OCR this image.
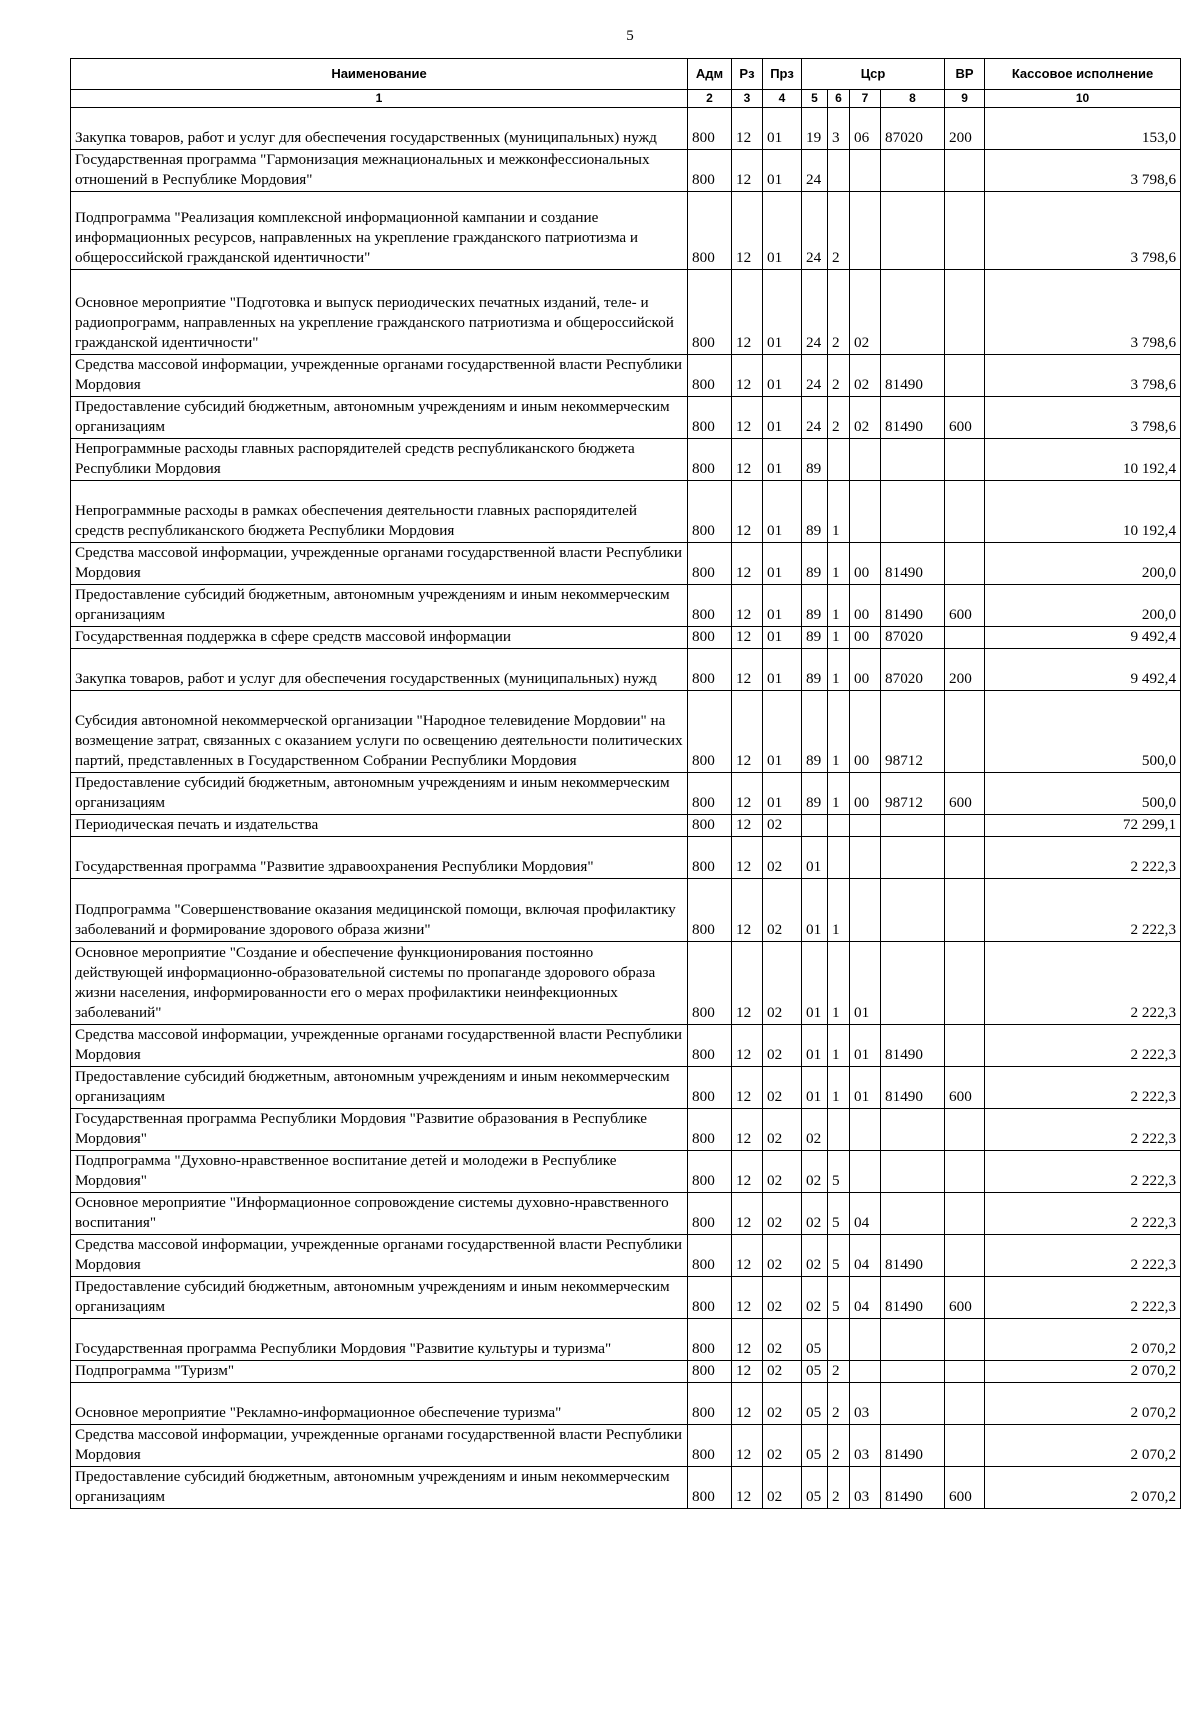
5
Наименование	Адм	Рз	Прз	Цср				ВР	Кассовое исполнение
1	2	3	4	5	6	7	8	9	10
Закупка товаров, работ и услуг для обеспечения государственных (муниципальных) нужд	800	12	01	19	3	06	87020	200	153,0
Государственная программа "Гармонизация межнациональных и межконфессиональных отношений в Республике Мордовия"	800	12	01	24					3 798,6
Подпрограмма "Реализация комплексной информационной кампании и создание информационных ресурсов, направленных на укрепление гражданского патриотизма и общероссийской гражданской идентичности"	800	12	01	24	2				3 798,6
Основное мероприятие "Подготовка и выпуск периодических печатных изданий, теле- и радиопрограмм, направленных на укрепление гражданского патриотизма и общероссийской гражданской идентичности"	800	12	01	24	2	02			3 798,6
Средства массовой информации, учрежденные органами государственной власти Республики Мордовия	800	12	01	24	2	02	81490		3 798,6
Предоставление субсидий бюджетным, автономным учреждениям и иным некоммерческим организациям	800	12	01	24	2	02	81490	600	3 798,6
Непрограммные расходы главных распорядителей средств республиканского бюджета Республики Мордовия	800	12	01	89					10 192,4
Непрограммные расходы в рамках обеспечения деятельности главных распорядителей средств республиканского бюджета Республики Мордовия	800	12	01	89	1				10 192,4
Средства массовой информации, учрежденные органами государственной власти Республики Мордовия	800	12	01	89	1	00	81490		200,0
Предоставление субсидий бюджетным, автономным учреждениям и иным некоммерческим организациям	800	12	01	89	1	00	81490	600	200,0
Государственная поддержка в сфере средств массовой информации	800	12	01	89	1	00	87020		9 492,4
Закупка товаров, работ и услуг для обеспечения государственных (муниципальных) нужд	800	12	01	89	1	00	87020	200	9 492,4
Субсидия автономной некоммерческой организации "Народное телевидение Мордовии" на возмещение затрат, связанных с оказанием услуги по освещению деятельности политических партий, представленных в Государственном Собрании Республики Мордовия	800	12	01	89	1	00	98712		500,0
Предоставление субсидий бюджетным, автономным учреждениям и иным некоммерческим организациям	800	12	01	89	1	00	98712	600	500,0
Периодическая печать и издательства	800	12	02						72 299,1
Государственная программа "Развитие здравоохранения Республики Мордовия"	800	12	02	01					2 222,3
Подпрограмма "Совершенствование оказания медицинской помощи, включая профилактику заболеваний и формирование здорового образа жизни"	800	12	02	01	1				2 222,3
Основное мероприятие "Создание и обеспечение функционирования постоянно действующей информационно-образовательной системы по пропаганде здорового образа жизни населения, информированности его о мерах профилактики неинфекционных заболеваний"	800	12	02	01	1	01			2 222,3
Средства массовой информации, учрежденные органами государственной власти Республики Мордовия	800	12	02	01	1	01	81490		2 222,3
Предоставление субсидий бюджетным, автономным учреждениям и иным некоммерческим организациям	800	12	02	01	1	01	81490	600	2 222,3
Государственная программа Республики Мордовия "Развитие образования в Республике Мордовия"	800	12	02	02					2 222,3
Подпрограмма "Духовно-нравственное воспитание детей и молодежи в Республике Мордовия"	800	12	02	02	5				2 222,3
Основное мероприятие "Информационное сопровождение системы духовно-нравственного воспитания"	800	12	02	02	5	04			2 222,3
Средства массовой информации, учрежденные органами государственной власти Республики Мордовия	800	12	02	02	5	04	81490		2 222,3
Предоставление субсидий бюджетным, автономным учреждениям и иным некоммерческим организациям	800	12	02	02	5	04	81490	600	2 222,3
Государственная программа Республики Мордовия "Развитие культуры и туризма"	800	12	02	05					2 070,2
Подпрограмма "Туризм"	800	12	02	05	2				2 070,2
Основное мероприятие "Рекламно-информационное обеспечение туризма"	800	12	02	05	2	03			2 070,2
Средства массовой информации, учрежденные органами государственной власти Республики Мордовия	800	12	02	05	2	03	81490		2 070,2
Предоставление субсидий бюджетным, автономным учреждениям и иным некоммерческим организациям	800	12	02	05	2	03	81490	600	2 070,2
